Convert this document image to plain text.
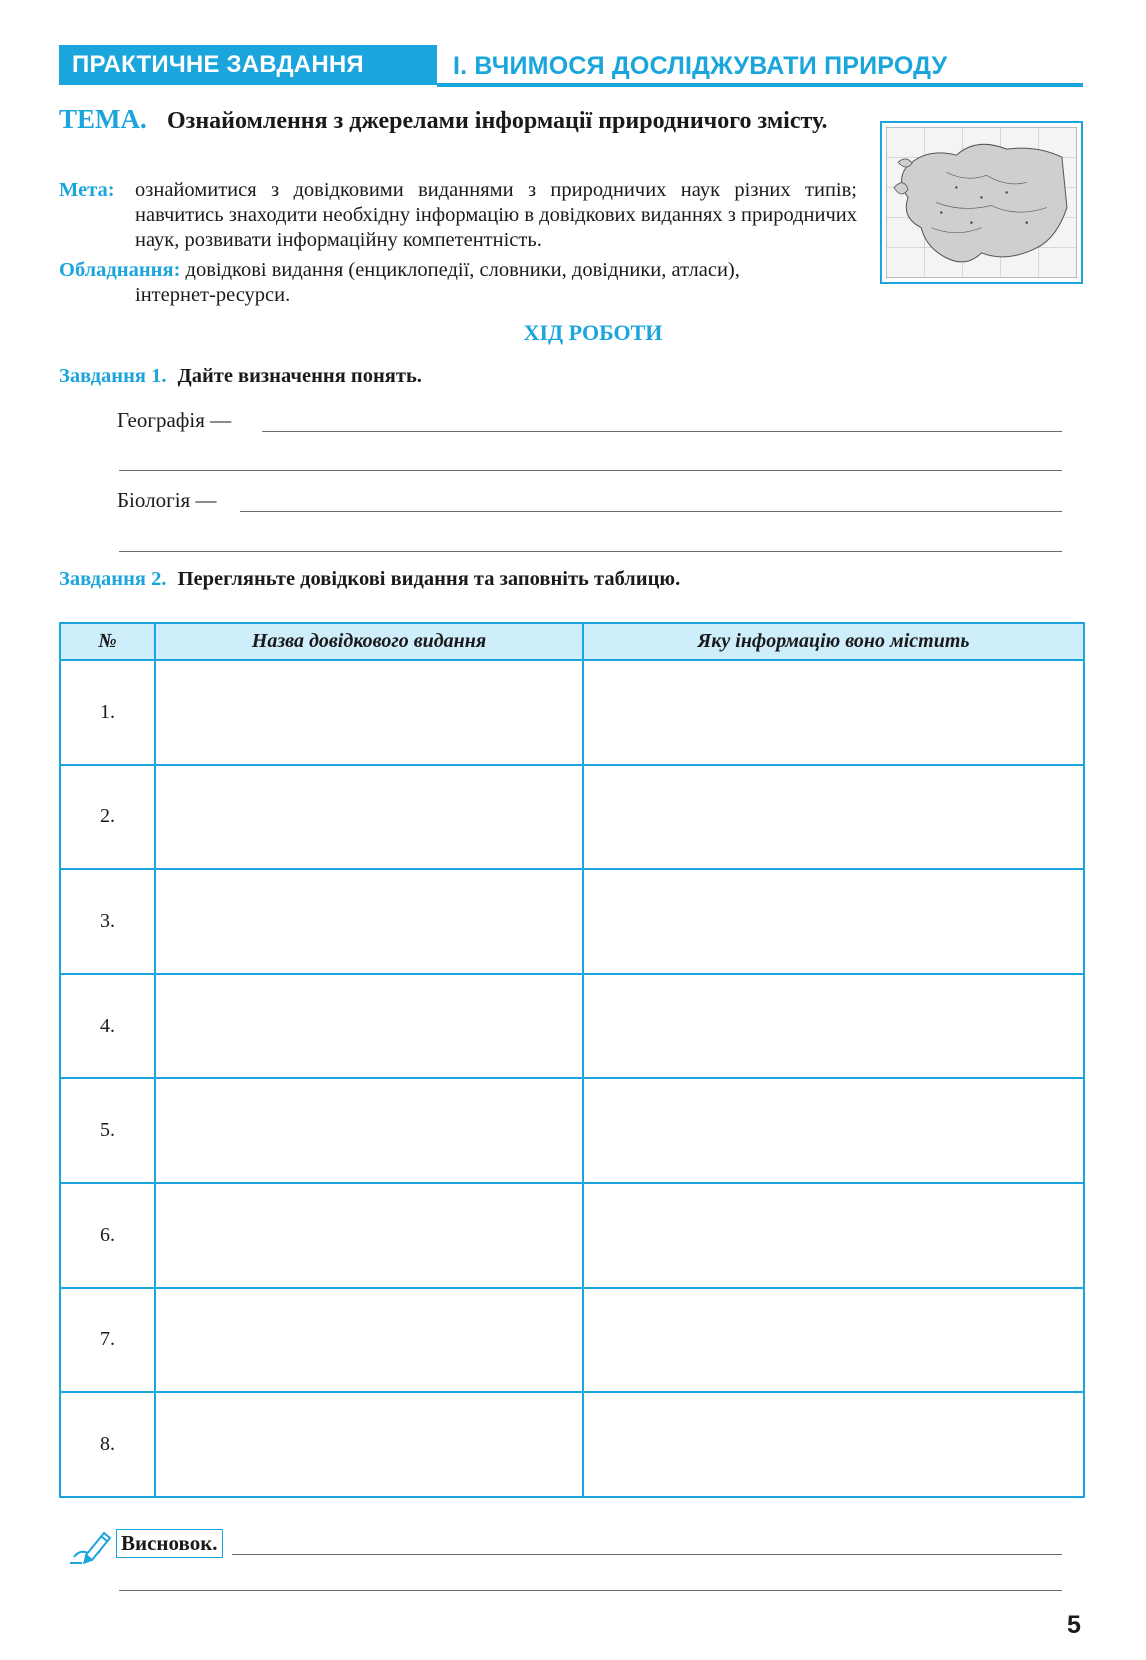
ПРАКТИЧНЕ ЗАВДАННЯ	І. ВЧИМОСЯ ДОСЛІДЖУВАТИ ПРИРОДУ
ТЕМА. Ознайомлення з джерелами інформації природничого змісту.
Мета: ознайомитися з довідковими виданнями з природничих наук різних типів; навчитись знаходити необхідну інформацію в довідкових виданнях з природничих наук, розвивати інформаційну компетентність.
Обладнання: довідкові видання (енциклопедії, словники, довідники, атласи),
інтернет-ресурси.
ХІД РОБОТИ
Завдання 1. Дайте визначення понять.
Географія —
Біологія —
Завдання 2. Перегляньте довідкові видання та заповніть таблицю.
№	Назва довідкового видання	Яку інформацію воно містить
1.		
2.		
3.		
4.		
5.		
6.		
7.		
8.		
Висновок.
5
